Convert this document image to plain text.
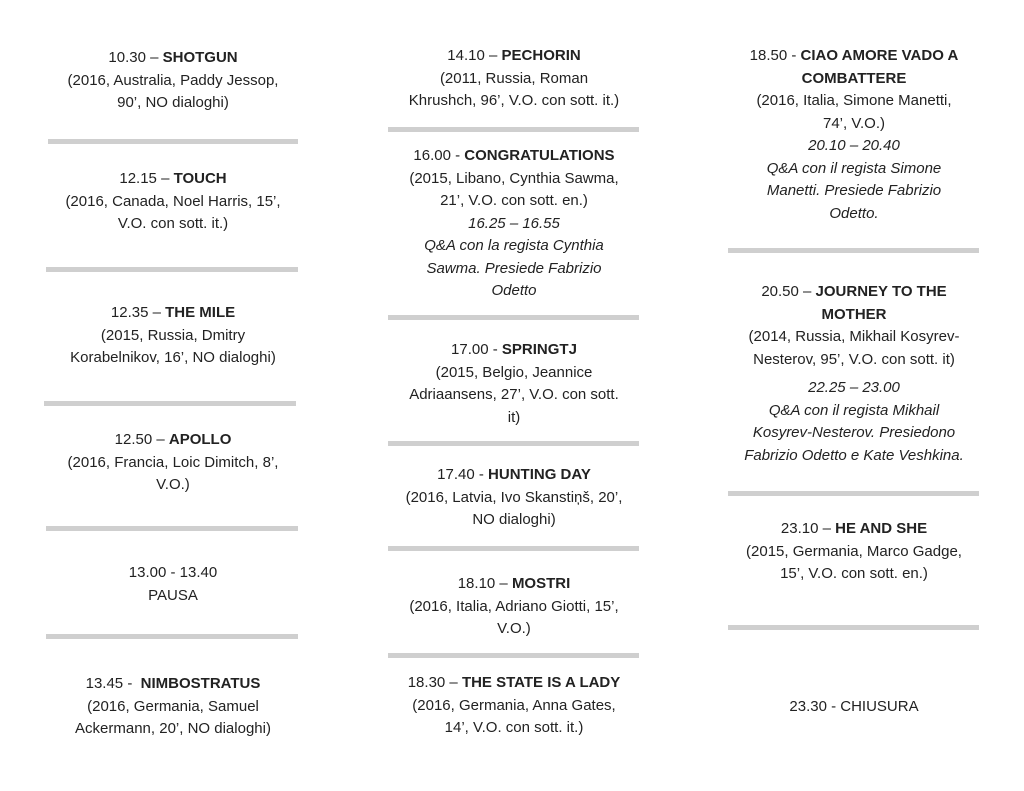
10.30 – SHOTGUN
(2016, Australia, Paddy Jessop,
90’, NO dialoghi)
12.15 – TOUCH
(2016, Canada, Noel Harris, 15’,
V.O. con sott. it.)
12.35 – THE MILE
(2015, Russia, Dmitry
Korabelnikov, 16’, NO dialoghi)
12.50 – APOLLO
(2016, Francia, Loic Dimitch, 8’,
V.O.)
13.00 - 13.40
PAUSA
13.45 -  NIMBOSTRATUS
(2016, Germania, Samuel
Ackermann, 20’, NO dialoghi)
14.10 – PECHORIN
(2011, Russia, Roman
Khrushch, 96’, V.O. con sott. it.)
16.00 - CONGRATULATIONS
(2015, Libano, Cynthia Sawma,
21’, V.O. con sott. en.)
16.25 – 16.55
Q&A con la regista Cynthia
Sawma. Presiede Fabrizio
Odetto
17.00 - SPRINGTJ
(2015, Belgio, Jeannice
Adriaansens, 27’, V.O. con sott.
it)
17.40 - HUNTING DAY
(2016, Latvia, Ivo Skanstiņš, 20’,
NO dialoghi)
18.10 – MOSTRI
(2016, Italia, Adriano Giotti, 15’,
V.O.)
18.30 – THE STATE IS A LADY
(2016, Germania, Anna Gates,
14’, V.O. con sott. it.)
18.50 - CIAO AMORE VADO A
COMBATTERE
(2016, Italia, Simone Manetti,
74’, V.O.)
20.10 – 20.40
Q&A con il regista Simone
Manetti. Presiede Fabrizio
Odetto.
20.50 – JOURNEY TO THE
MOTHER
(2014, Russia, Mikhail Kosyrev-
Nesterov, 95’, V.O. con sott. it)
22.25 – 23.00
Q&A con il regista Mikhail
Kosyrev-Nesterov. Presiedono
Fabrizio Odetto e Kate Veshkina.
23.10 – HE AND SHE
(2015, Germania, Marco Gadge,
15’, V.O. con sott. en.)
23.30 - CHIUSURA
